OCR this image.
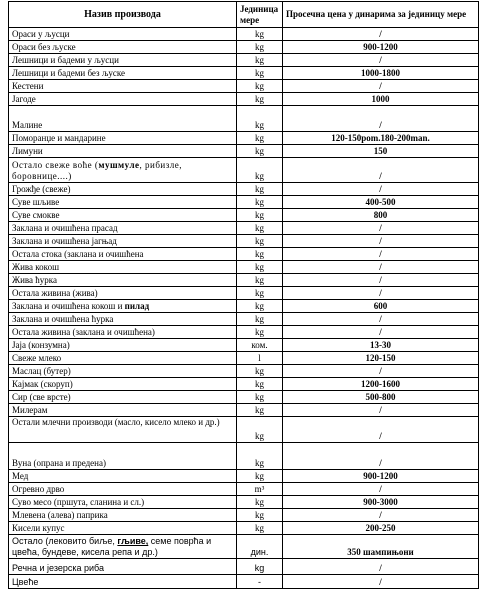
Назив производа	Јединица мере	Просечна цена у динарима за јединицу мере
Ораси у љусци	kg	/
Ораси без љуске	kg	900-1200
Лешници и бадеми у љусци	kg	/
Лешници и бадеми без љуске	kg	1000-1800
Кестени	kg	/
Јагоде	kg	1000
Малине	kg	/
Поморанџе и мандарине	kg	120-150pom.180-200man.
Лимуни	kg	150
Остало свеже воће (мушмуле, рибизле, боровнице....)	kg	/
Грожђе (свеже)	kg	/
Суве шљиве	kg	400-500
Суве смокве	kg	800
Заклана и очишћена прасад	kg	/
Заклана и очишћена јагњад	kg	/
Остала стока (заклана и очишћена	kg	/
Жива кокош	kg	/
Жива ћурка	kg	/
Остала живина (жива)	kg	/
Заклана и очишћена кокош и пилад	kg	600
Заклана и очишћена ћурка	kg	/
Остала живина (заклана и очишћена)	kg	/
Јаја (конзумна)	ком.	13-30
Свеже млеко	l	120-150
Маслац (бутер)	kg	/
Кајмак (скоруп)	kg	1200-1600
Сир (све врсте)	kg	500-800
Милерам	kg	/
Остали млечни производи (масло, кисело млеко и др.)	kg	/
Вуна (опрана и предена)	kg	/
Мед	kg	900-1200
Огревно дрво	m³	/
Суво месо (пршута, сланина и сл.)	kg	900-3000
Млевена (алева) паприка	kg	/
Кисели купус	kg	200-250
Остало (лековито биље, гљиве, семе поврћа и цвећа, бундеве, кисела репа и др.)	дин.	350 шампињони
Речна и језерска риба	kg	/
Цвеће	-	/
